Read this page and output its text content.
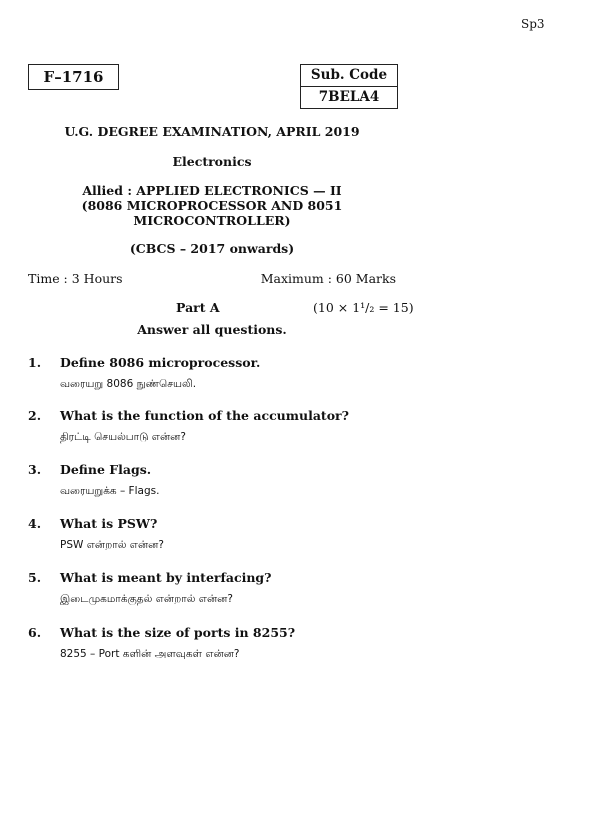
Sp3
F–1716	Sub. Code
7BELA4
U.G. DEGREE EXAMINATION, APRIL 2019
Electronics
Allied : APPLIED ELECTRONICS — II
(8086 MICROPROCESSOR AND 8051
MICROCONTROLLER)
(CBCS – 2017 onwards)
Time : 3 Hours	Maximum : 60 Marks
Part A	(10 × 1¹/₂ = 15)
Answer all questions.
1. Define 8086 microprocessor.
வரையறு 8086 நுண்செயலி.
2. What is the function of the accumulator?
திரட்டி செயல்பாடு என்ன?
3. Define Flags.
வரையறுக்க – Flags.
4. What is PSW?
PSW என்றால் என்ன?
5. What is meant by interfacing?
இடைமுகமாக்குதல் என்றால் என்ன?
6. What is the size of ports in 8255?
8255 – Port களின் அளவுகள் என்ன?
